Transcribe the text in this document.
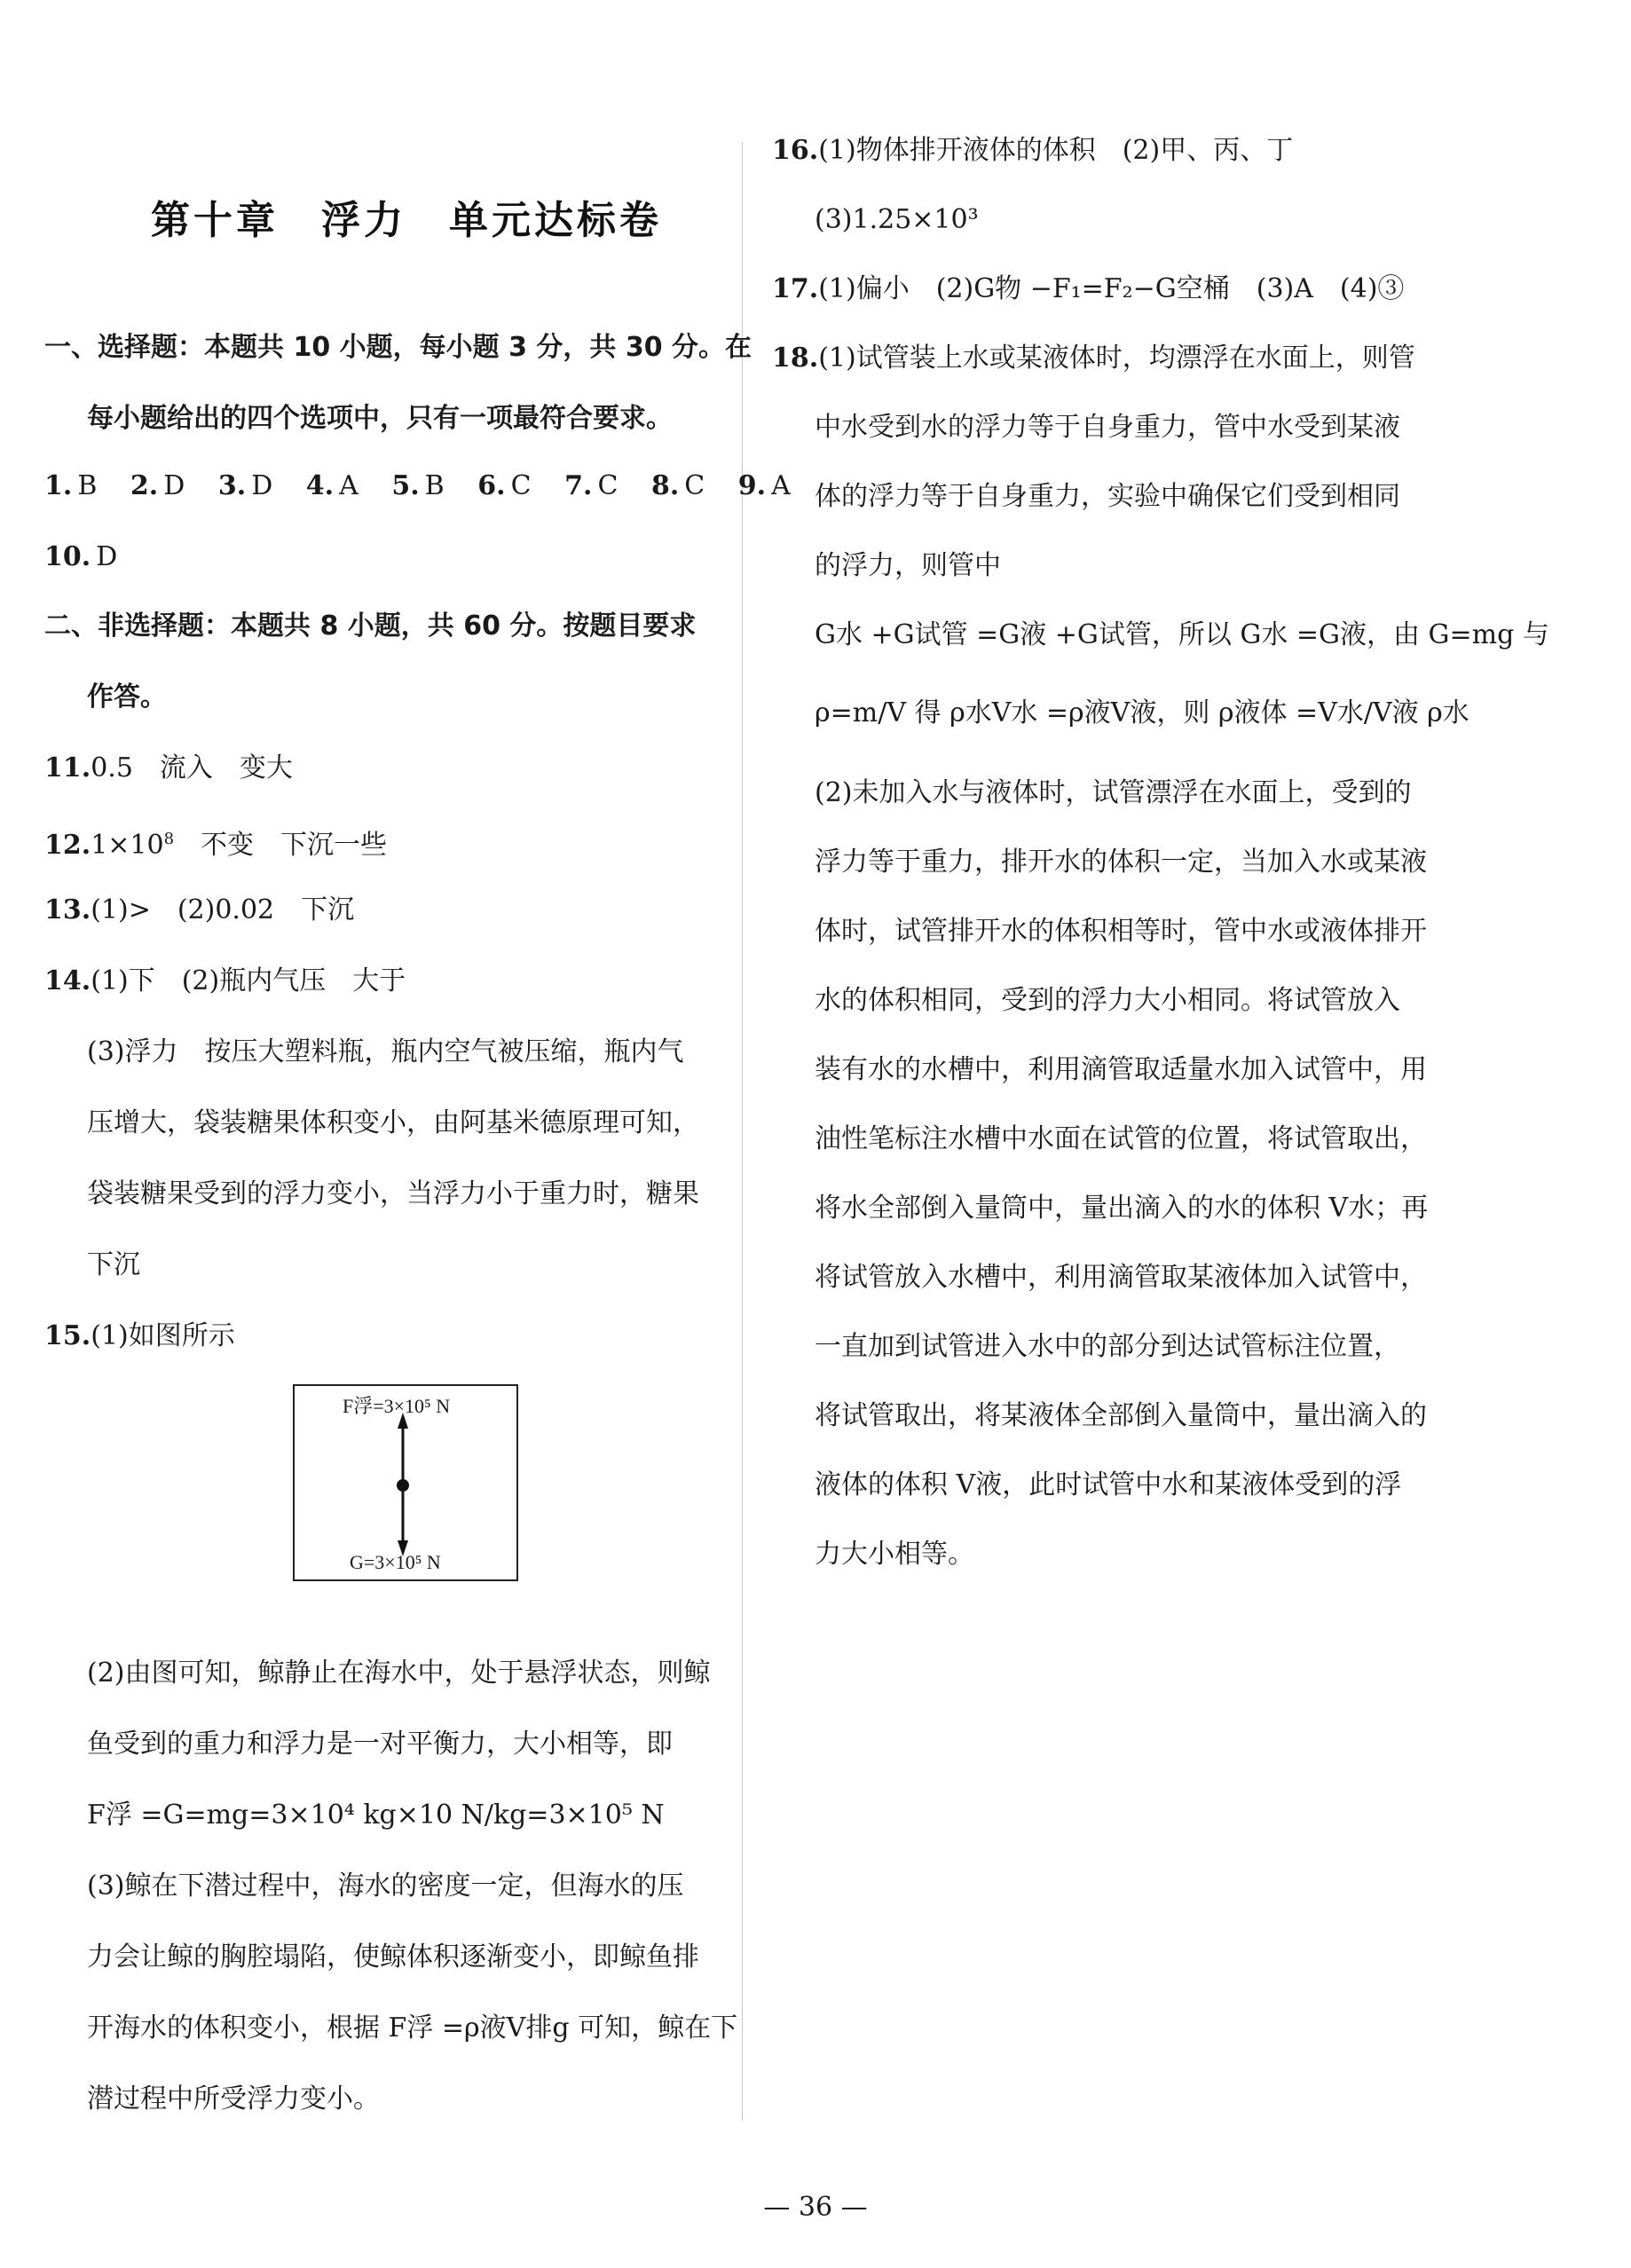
第十章　浮力　单元达标卷
一、选择题：本题共 10 小题，每小题 3 分，共 30 分。在
每小题给出的四个选项中，只有一项最符合要求。
1. B 2. D 3. D 4. A 5. B 6. C 7. C 8. C 9. A
10. D
二、非选择题：本题共 8 小题，共 60 分。按题目要求
作答。
11.0.5　流入　变大
$12.1\times 10^8$　不变　下沉一些
13.(1)>　(2)0.02　下沉
14.(1)下　(2)瓶内气压　大于
(3)浮力　按压大塑料瓶，瓶内空气被压缩，瓶内气
压增大，袋装糖果体积变小，由阿基米德原理可知，
袋装糖果受到的浮力变小，当浮力小于重力时，糖果
下沉
15.(1)如图所示
F浮=3×10⁵ N
G=3×10⁵ N
(2)由图可知，鲸静止在海水中，处于悬浮状态，则鲸
鱼受到的重力和浮力是一对平衡力，大小相等，即
F浮 =G=mg=3×10⁴ kg×10 N/kg=3×10⁵ N
(3)鲸在下潜过程中，海水的密度一定，但海水的压
力会让鲸的胸腔塌陷，使鲸体积逐渐变小，即鲸鱼排
开海水的体积变小，根据 F浮 =ρ液V排g 可知，鲸在下
潜过程中所受浮力变小。
16.(1)物体排开液体的体积　(2)甲、丙、丁
(3)1.25×10³
17.(1)偏小　(2)G物 −F₁=F₂−G空桶　(3)A　(4)③
18.(1)试管装上水或某液体时，均漂浮在水面上，则管
中水受到水的浮力等于自身重力，管中水受到某液
体的浮力等于自身重力，实验中确保它们受到相同
的浮力，则管中
G水 +G试管 =G液 +G试管，所以 G水 =G液，由 G=mg 与
ρ=m/V 得 ρ水V水 =ρ液V液，则 ρ液体 =V水/V液 ρ水
(2)未加入水与液体时，试管漂浮在水面上，受到的
浮力等于重力，排开水的体积一定，当加入水或某液
体时，试管排开水的体积相等时，管中水或液体排开
水的体积相同，受到的浮力大小相同。将试管放入
装有水的水槽中，利用滴管取适量水加入试管中，用
油性笔标注水槽中水面在试管的位置，将试管取出，
将水全部倒入量筒中，量出滴入的水的体积 V水；再
将试管放入水槽中，利用滴管取某液体加入试管中，
一直加到试管进入水中的部分到达试管标注位置，
将试管取出，将某液体全部倒入量筒中，量出滴入的
液体的体积 V液，此时试管中水和某液体受到的浮
力大小相等。
— 36 —
